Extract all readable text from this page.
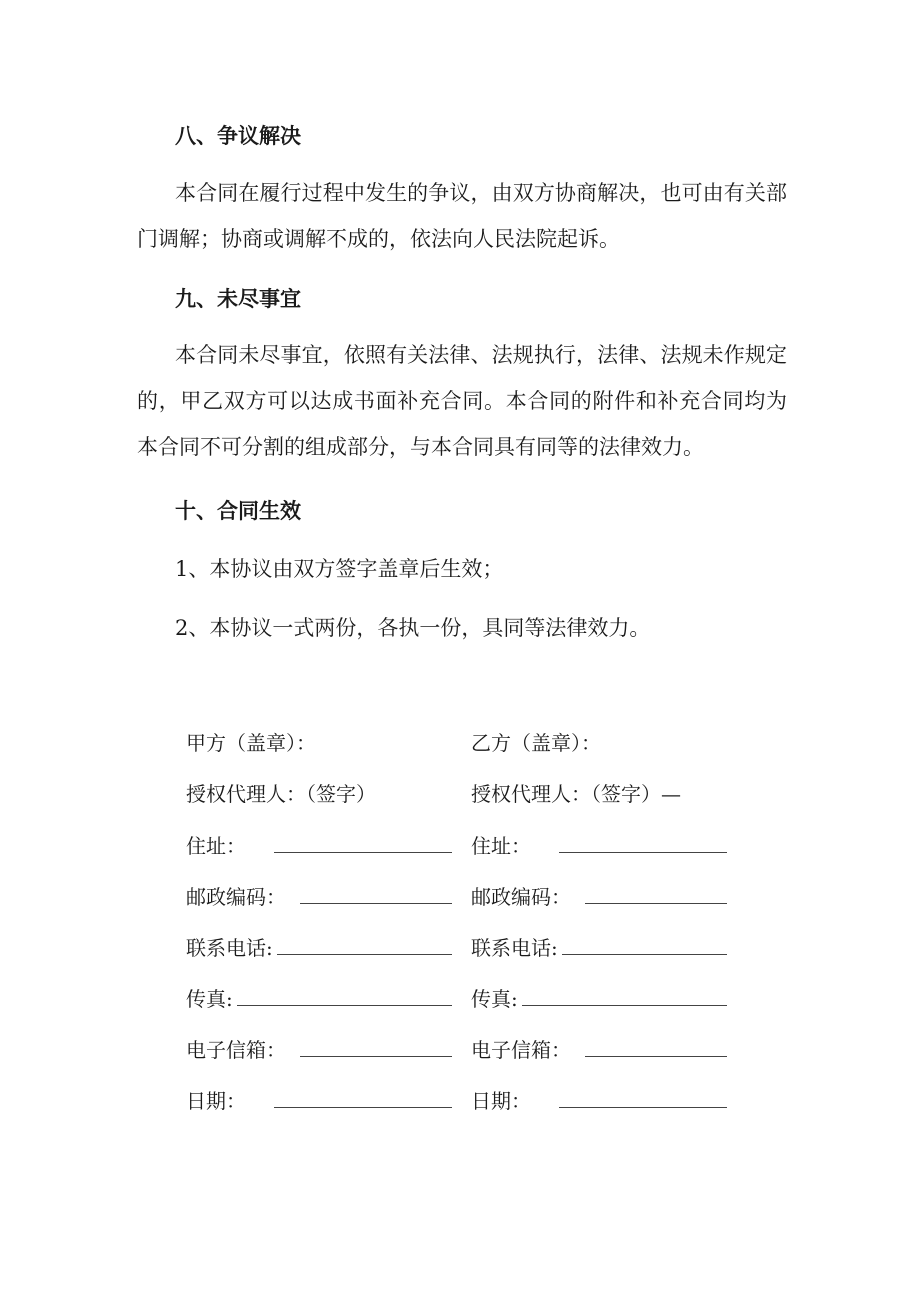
八、争议解决

本合同在履行过程中发生的争议，由双方协商解决，也可由有关部门调解；协商或调解不成的，依法向人民法院起诉。

九、未尽事宜

本合同未尽事宜，依照有关法律、法规执行，法律、法规未作规定的，甲乙双方可以达成书面补充合同。本合同的附件和补充合同均为本合同不可分割的组成部分，与本合同具有同等的法律效力。

十、合同生效

1、本协议由双方签字盖章后生效；

2、本协议一式两份，各执一份，具同等法律效力。

甲方（盖章）：	乙方（盖章）：
授权代理人：（签字）	授权代理人：（签字）—
住址：	住址：
邮政编码：	邮政编码：
联系电话:	联系电话:
传真:	传真:
电子信箱：	电子信箱：
日期：	日期：
